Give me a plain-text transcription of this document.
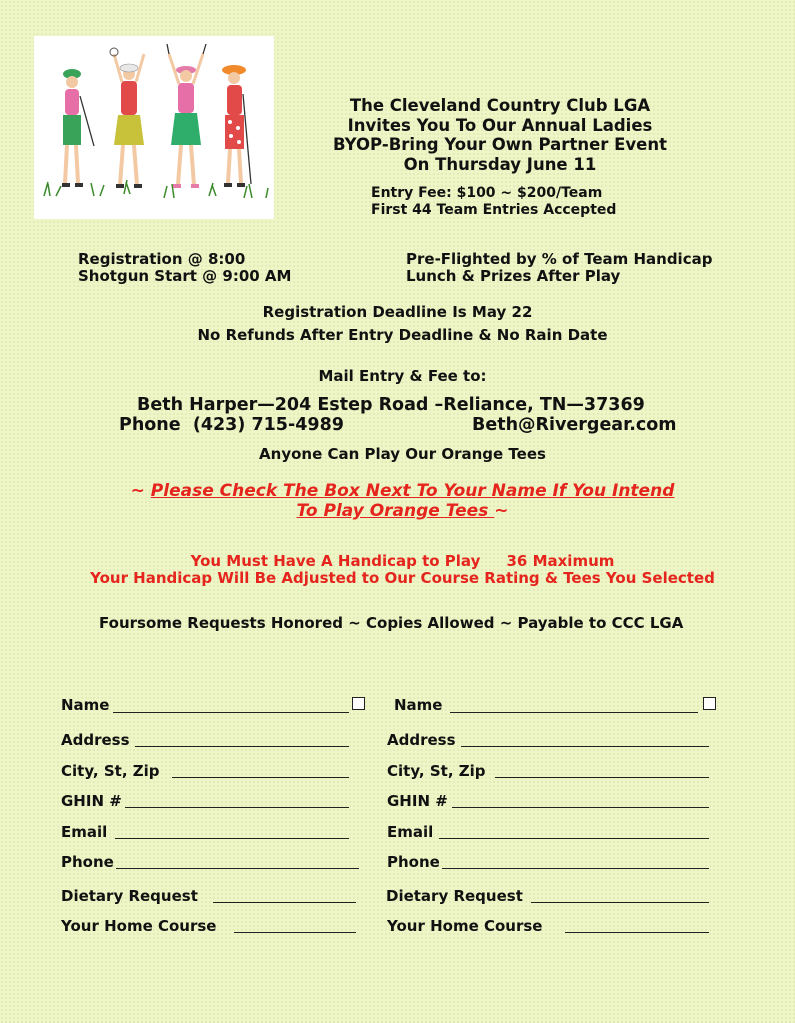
The Cleveland Country Club LGA
Invites You To Our Annual Ladies
BYOP-Bring Your Own Partner Event
On Thursday June 11
Entry Fee: $100 ~ $200/Team
First 44 Team Entries Accepted
Registration @ 8:00
Shotgun Start @ 9:00 AM
Pre-Flighted by % of Team Handicap
Lunch & Prizes After Play
Registration Deadline Is May 22
No Refunds After Entry Deadline & No Rain Date
Mail Entry & Fee to:
Beth Harper—204 Estep Road –Reliance, TN—37369
Phone  (423) 715-4989	Beth@Rivergear.com
Anyone Can Play Our Orange Tees
~ Please Check The Box Next To Your Name If You Intend
To Play Orange Tees ~
You Must Have A Handicap to Play     36 Maximum
Your Handicap Will Be Adjusted to Our Course Rating & Tees You Selected
Foursome Requests Honored ~ Copies Allowed ~ Payable to CCC LGA
Name
Address
City, St, Zip
GHIN #
Email
Phone
Dietary Request
Your Home Course
Name
Address
City, St, Zip
GHIN #
Email
Phone
Dietary Request
Your Home Course
